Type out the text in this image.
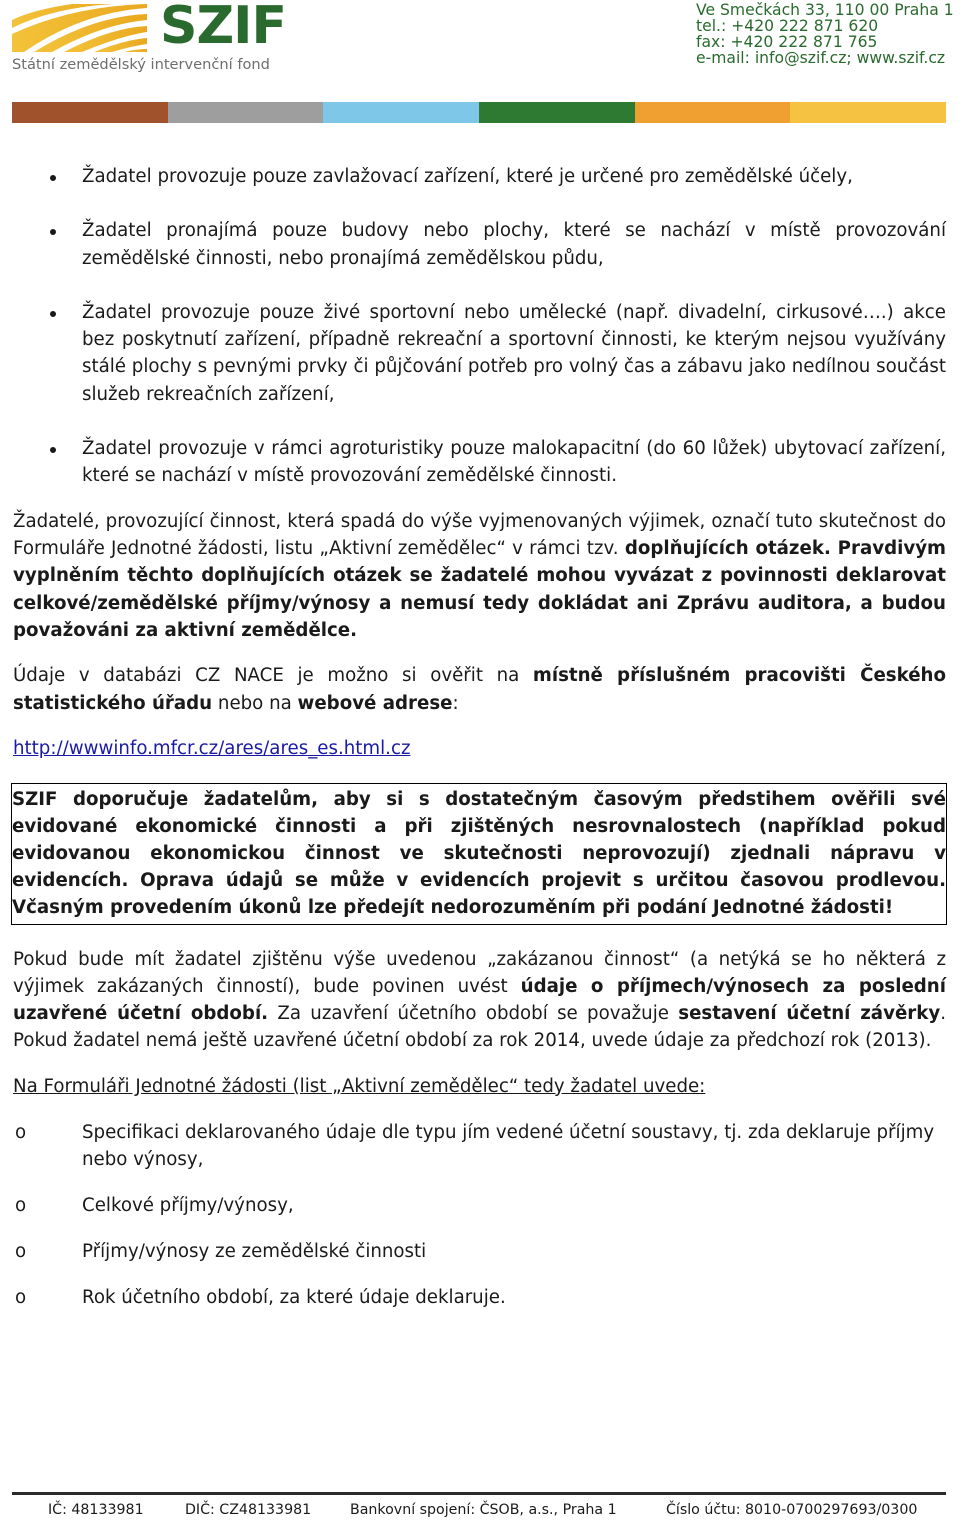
SZIF
Státní zemědělský intervenční fond
Ve Smečkách 33, 110 00 Praha 1
tel.: +420 222 871 620
fax: +420 222 871 765
e-mail: info@szif.cz; www.szif.cz
Žadatel provozuje pouze zavlažovací zařízení, které je určené pro zemědělské účely,
Žadatel pronajímá pouze budovy nebo plochy, které se nachází v místě provozování zemědělské činnosti, nebo pronajímá zemědělskou půdu,
Žadatel provozuje pouze živé sportovní nebo umělecké (např. divadelní, cirkusové….) akce bez poskytnutí zařízení, případně rekreační a sportovní činnosti, ke kterým nejsou využívány stálé plochy s pevnými prvky či půjčování potřeb pro volný čas a zábavu jako nedílnou součást služeb rekreačních zařízení,
Žadatel provozuje v rámci agroturistiky pouze malokapacitní (do 60 lůžek) ubytovací zařízení, které se nachází v místě provozování zemědělské činnosti.

Žadatelé, provozující činnost, která spadá do výše vyjmenovaných výjimek, označí tuto skutečnost do Formuláře Jednotné žádosti, listu „Aktivní zemědělec“ v rámci tzv. doplňujících otázek. Pravdivým vyplněním těchto doplňujících otázek se žadatelé mohou vyvázat z povinnosti deklarovat celkové/zemědělské příjmy/výnosy a nemusí tedy dokládat ani Zprávu auditora, a budou považováni za aktivní zemědělce.

Údaje v databázi CZ NACE je možno si ověřit na místně příslušném pracovišti Českého statistického úřadu nebo na webové adrese:

http://wwwinfo.mfcr.cz/ares/ares_es.html.cz

SZIF doporučuje žadatelům, aby si s dostatečným časovým předstihem ověřili své evidované ekonomické činnosti a při zjištěných nesrovnalostech (například pokud evidovanou ekonomickou činnost ve skutečnosti neprovozují) zjednali nápravu v evidencích. Oprava údajů se může v evidencích projevit s určitou časovou prodlevou. Včasným provedením úkonů lze předejít nedorozuměním při podání Jednotné žádosti!

Pokud bude mít žadatel zjištěnu výše uvedenou „zakázanou činnost“ (a netýká se ho některá z výjimek zakázaných činností), bude povinen uvést údaje o příjmech/výnosech za poslední uzavřené účetní období. Za uzavření účetního období se považuje sestavení účetní závěrky. Pokud žadatel nemá ještě uzavřené účetní období za rok 2014, uvede údaje za předchozí rok (2013).

Na Formuláři Jednotné žádosti (list „Aktivní zemědělec“ tedy žadatel uvede:

o	Specifikaci deklarovaného údaje dle typu jím vedené účetní soustavy, tj. zda deklaruje příjmy nebo výnosy,
o	Celkové příjmy/výnosy,
o	Příjmy/výnosy ze zemědělské činnosti
o	Rok účetního období, za které údaje deklaruje.
IČ: 48133981	DIČ: CZ48133981	Bankovní spojení: ČSOB, a.s., Praha 1	Číslo účtu: 8010-0700297693/0300
